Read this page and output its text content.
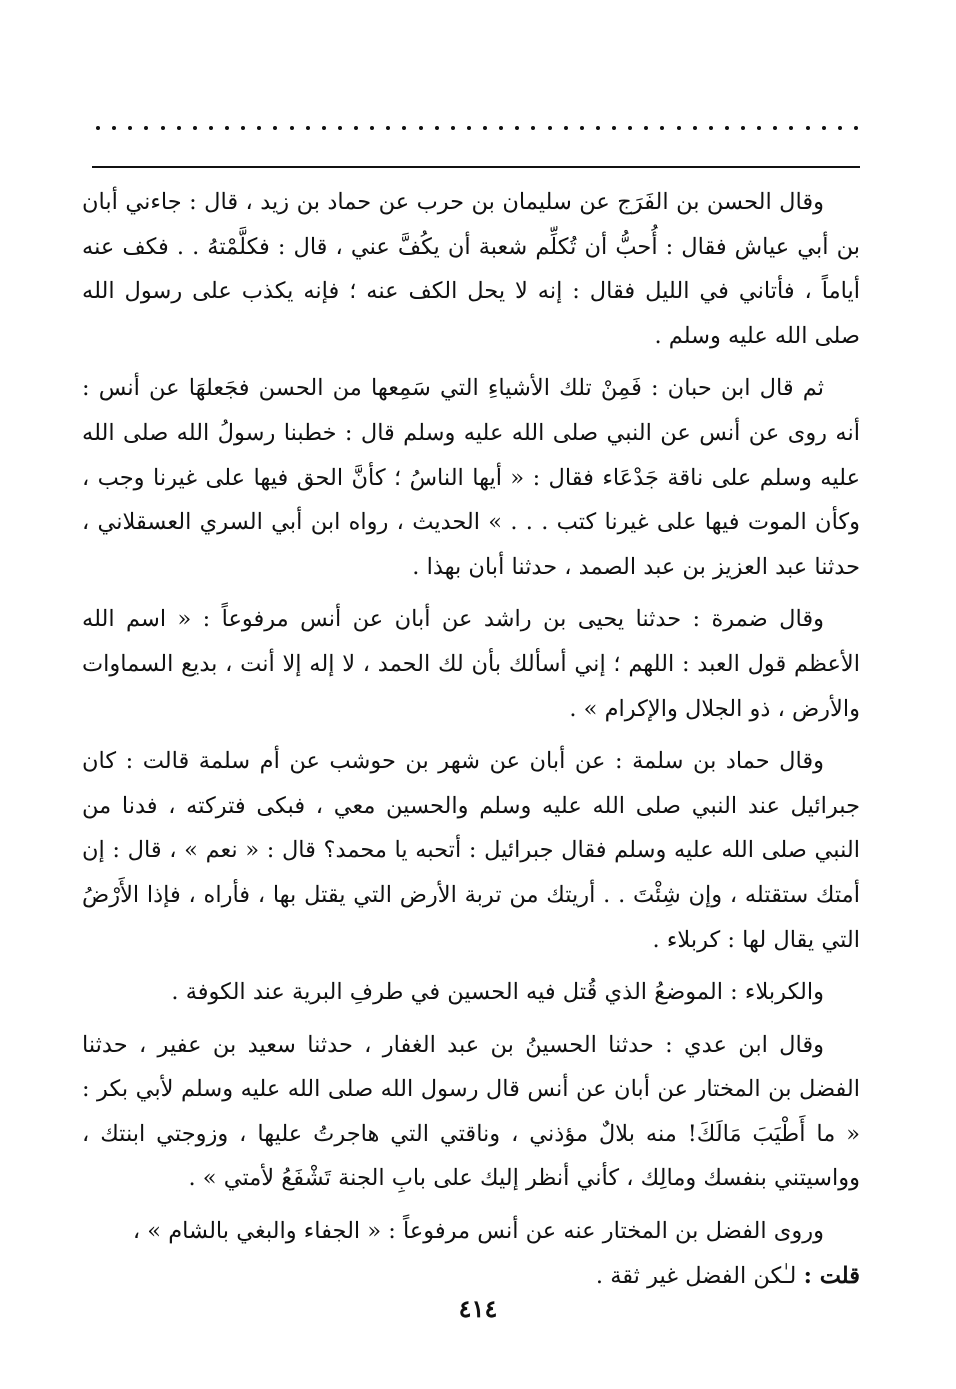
وقال الحسن بن الفَرَج عن سليمان بن حرب عن حماد بن زيد ، قال : جاءني أبان بن أبي عياش فقال : أُحبُّ أن تُكلِّم شعبة أن يكُفَّ عني ، قال : فكلَّمْتهُ . . فكف عنه أياماً ، فأتاني في الليل فقال : إنه لا يحل الكف عنه ؛ فإنه يكذب على رسول الله صلى الله عليه وسلم .

ثم قال ابن حبان : فَمِنْ تلك الأشياءِ التي سَمِعها من الحسن فجَعلهَا عن أنس : أنه روى عن أنس عن النبي صلى الله عليه وسلم قال : خطبنا رسولُ الله صلى الله عليه وسلم على ناقة جَدْعَاء فقال : « أيها الناسُ ؛ كأنَّ الحق فيها على غيرنا وجب ، وكأن الموت فيها على غيرنا كتب . . . » الحديث ، رواه ابن أبي السري العسقلاني ، حدثنا عبد العزيز بن عبد الصمد ، حدثنا أبان بهذا .

وقال ضمرة : حدثنا يحيى بن راشد عن أبان عن أنس مرفوعاً : « اسم الله الأعظم قول العبد : اللهم ؛ إني أسألك بأن لك الحمد ، لا إله إلا أنت ، بديع السماوات والأرض ، ذو الجلال والإكرام » .

وقال حماد بن سلمة : عن أبان عن شهر بن حوشب عن أم سلمة قالت : كان جبرائيل عند النبي صلى الله عليه وسلم والحسين معي ، فبكى فتركته ، فدنا من النبي صلى الله عليه وسلم فقال جبرائيل : أتحبه يا محمد؟ قال : « نعم » ، قال : إن أمتك ستقتله ، وإن شِئْتَ . . أريتك من تربة الأرض التي يقتل بها ، فأراه ، فإذا الأَرْضُ التي يقال لها : كربلاء .

والكربلاء : الموضعُ الذي قُتل فيه الحسين في طرفِ البرية عند الكوفة .

وقال ابن عدي : حدثنا الحسينُ بن عبد الغفار ، حدثنا سعيد بن عفير ، حدثنا الفضل بن المختار عن أبان عن أنس قال رسول الله صلى الله عليه وسلم لأبي بكر : « ما أَطْيَبَ مَالَكَ! منه بلالٌ مؤذني ، وناقتي التي هاجرتُ عليها ، وزوجتي ابنتك ، وواسيتني بنفسك ومالِك ، كأني أنظر إليك على بابِ الجنة تَشْفَعُ لأمتي » .

وروى الفضل بن المختار عنه عن أنس مرفوعاً : « الجفاء والبغي بالشام » ،
قلت : لـٰكن الفضل غير ثقة .

٤١٤
